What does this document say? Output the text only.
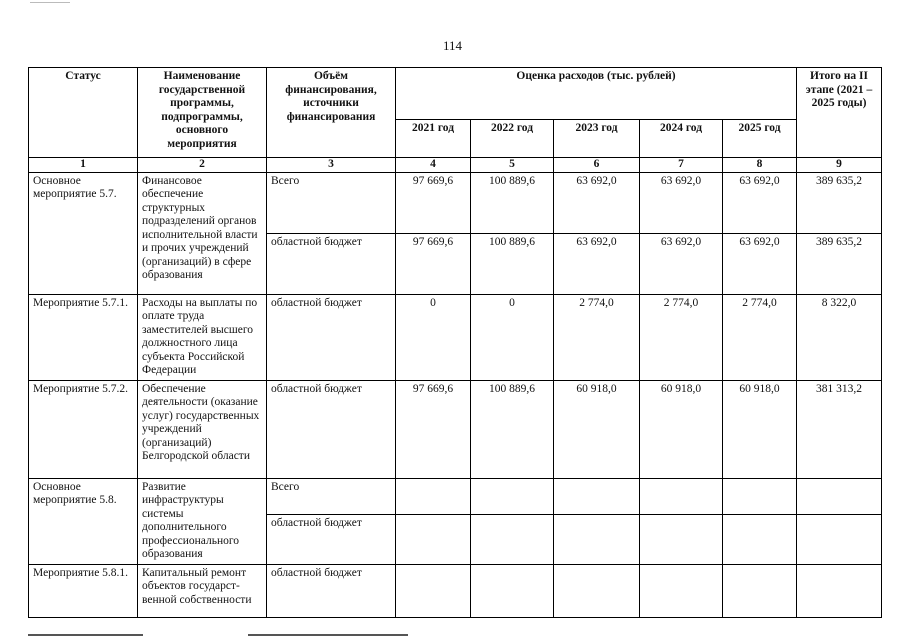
114
Статус	Наименование государственной программы, подпрограммы, основного мероприятия	Объём финансирования, источники финансирования	Оценка расходов (тыс. рублей)					Итого на II этапе (2021 – 2025 годы)
			2021 год	2022 год	2023 год	2024 год	2025 год	
1	2	3	4	5	6	7	8	9
Основное мероприятие 5.7.	Финансовое обеспечение структурных подразделений органов исполнительной власти и прочих учреждений (организаций) в сфере образования	Всего	97 669,6	100 889,6	63 692,0	63 692,0	63 692,0	389 635,2
		областной бюджет	97 669,6	100 889,6	63 692,0	63 692,0	63 692,0	389 635,2
Мероприятие 5.7.1.	Расходы на выплаты по оплате труда заместителей высшего должностного лица субъекта Российской Федерации	областной бюджет	0	0	2 774,0	2 774,0	2 774,0	8 322,0
Мероприятие 5.7.2.	Обеспечение деятельности (оказание услуг) государственных учреждений (организаций) Белгородской области	областной бюджет	97 669,6	100 889,6	60 918,0	60 918,0	60 918,0	381 313,2
Основное мероприятие 5.8.	Развитие инфраструктуры системы дополнительного профессионального образования	Всего						
		областной бюджет						
Мероприятие 5.8.1.	Капитальный ремонт объектов государст-венной собственности	областной бюджет						
